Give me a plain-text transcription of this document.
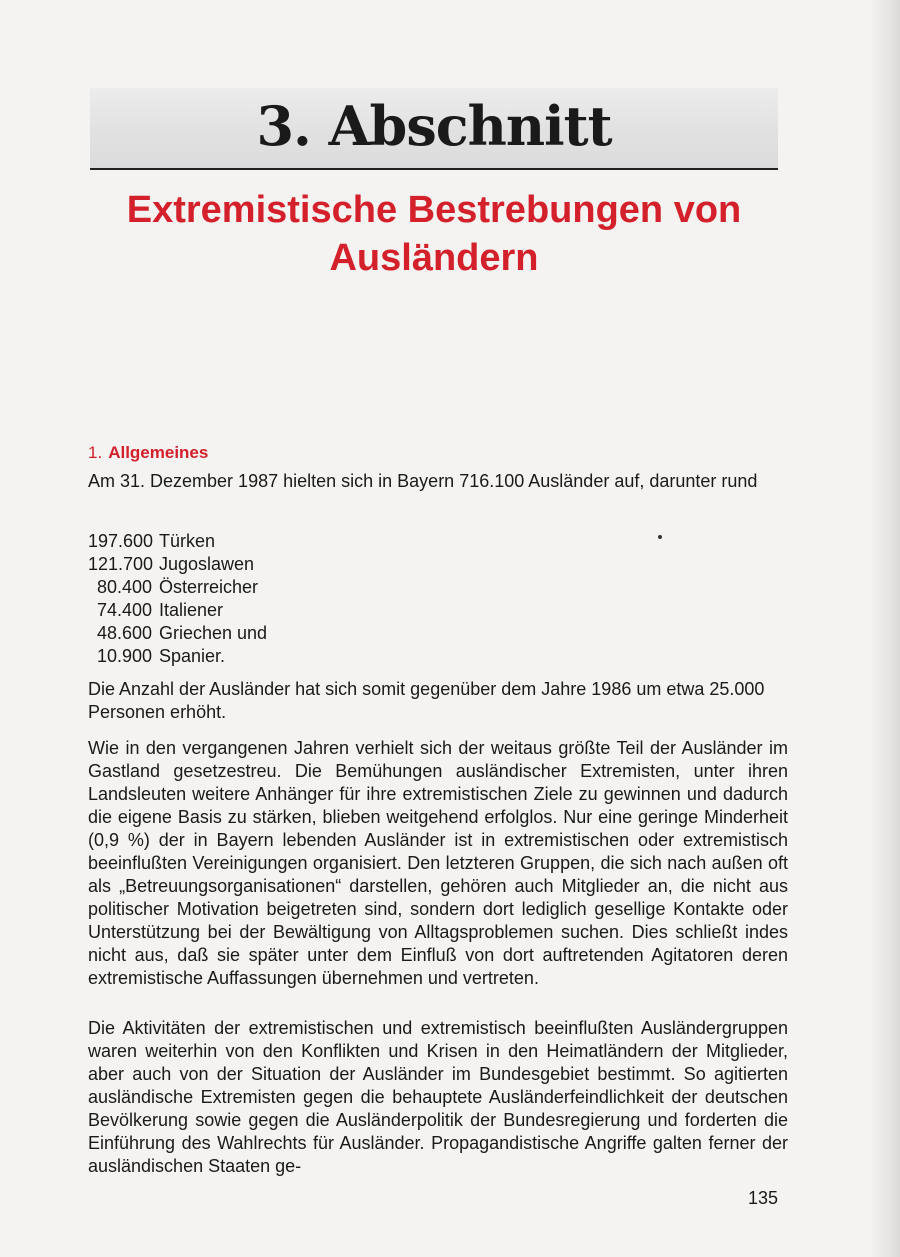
3. Abschnitt
Extremistische Bestrebungen von Ausländern
1. Allgemeines

Am 31. Dezember 1987 hielten sich in Bayern 716.100 Ausländer auf, darunter rund

197.600 Türken
121.700 Jugoslawen
80.400 Österreicher
74.400 Italiener
48.600 Griechen und
10.900 Spanier.

Die Anzahl der Ausländer hat sich somit gegenüber dem Jahre 1986 um etwa 25.000 Personen erhöht.

Wie in den vergangenen Jahren verhielt sich der weitaus größte Teil der Ausländer im Gastland gesetzestreu. Die Bemühungen ausländischer Extremisten, unter ihren Landsleuten weitere Anhänger für ihre extremistischen Ziele zu gewinnen und dadurch die eigene Basis zu stärken, blieben weitgehend erfolglos. Nur eine geringe Minderheit (0,9 %) der in Bayern lebenden Ausländer ist in extremistischen oder extremistisch beeinflußten Vereinigungen organisiert. Den letzteren Gruppen, die sich nach außen oft als „Betreuungsorganisationen“ darstellen, gehören auch Mitglieder an, die nicht aus politischer Motivation beigetreten sind, sondern dort lediglich gesellige Kontakte oder Unterstützung bei der Bewältigung von Alltagsproblemen suchen. Dies schließt indes nicht aus, daß sie später unter dem Einfluß von dort auftretenden Agitatoren deren extremistische Auffassungen übernehmen und vertreten.

Die Aktivitäten der extremistischen und extremistisch beeinflußten Ausländergruppen waren weiterhin von den Konflikten und Krisen in den Heimatländern der Mitglieder, aber auch von der Situation der Ausländer im Bundesgebiet bestimmt. So agitierten ausländische Extremisten gegen die behauptete Ausländerfeindlichkeit der deutschen Bevölkerung sowie gegen die Ausländerpolitik der Bundesregierung und forderten die Einführung des Wahlrechts für Ausländer. Propagandistische Angriffe galten ferner der ausländischen Staaten ge-

135
